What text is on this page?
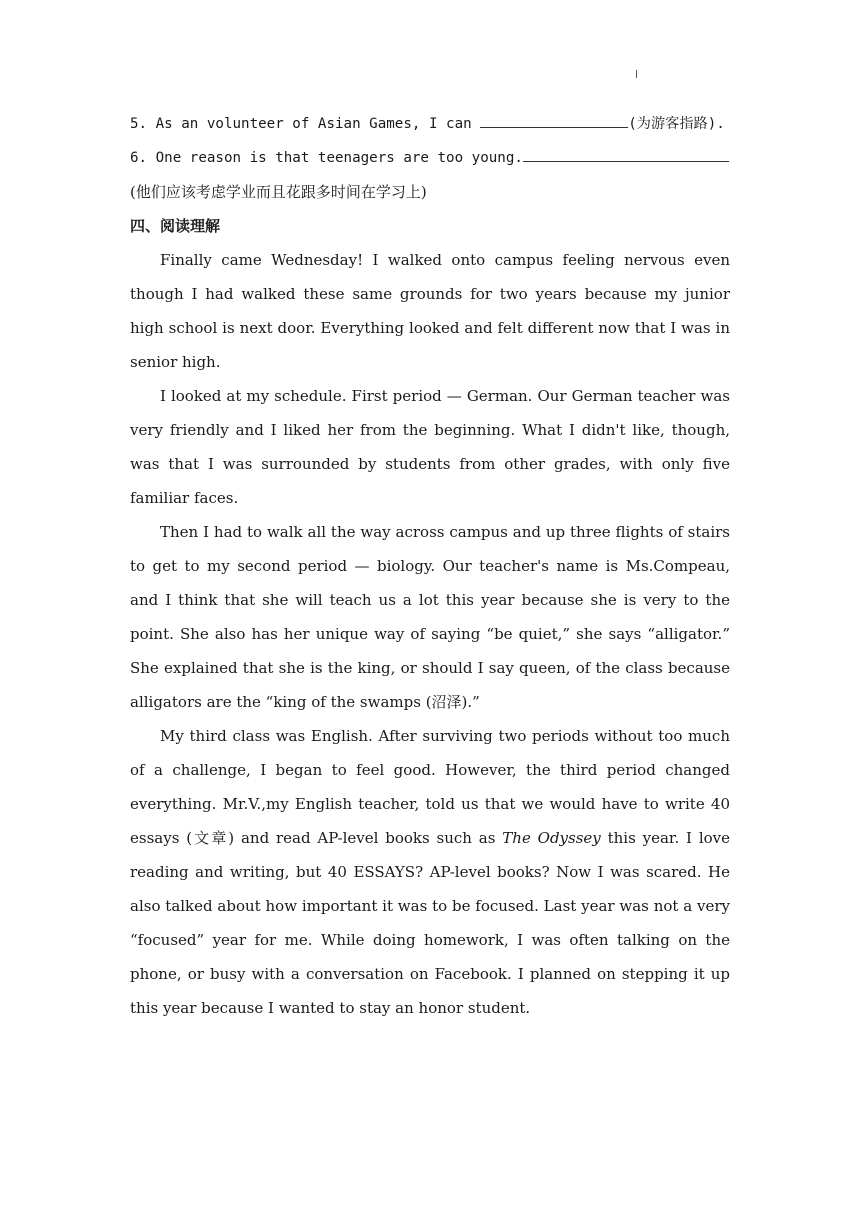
5. As an volunteer of Asian Games, I can	(为游客指路).
6. One reason is that teenagers are too young.
(他们应该考虑学业而且花跟多时间在学习上)
四、阅读理解

Finally came Wednesday! I walked onto campus feeling nervous even though I had walked these same grounds for two years because my junior high school is next door. Everything looked and felt different now that I was in senior high.

I looked at my schedule. First period — German. Our German teacher was very friendly and I liked her from the beginning. What I didn't like, though, was that I was surrounded by students from other grades, with only five familiar faces.

Then I had to walk all the way across campus and up three flights of stairs to get to my second period — biology. Our teacher's name is Ms.Compeau, and I think that she will teach us a lot this year because she is very to the point. She also has her unique way of saying “be quiet,” she says “alligator.” She explained that she is the king, or should I say queen, of the class because alligators are the “king of the swamps (沼泽).”

My third class was English. After surviving two periods without too much of a challenge, I began to feel good. However, the third period changed everything. Mr.V.,my English teacher, told us that we would have to write 40 essays (文章) and read AP-level books such as The Odyssey this year. I love reading and writing, but 40 ESSAYS? AP-level books? Now I was scared. He also talked about how important it was to be focused. Last year was not a very “focused” year for me. While doing homework, I was often talking on the phone, or busy with a conversation on Facebook. I planned on stepping it up this year because I wanted to stay an honor student.
